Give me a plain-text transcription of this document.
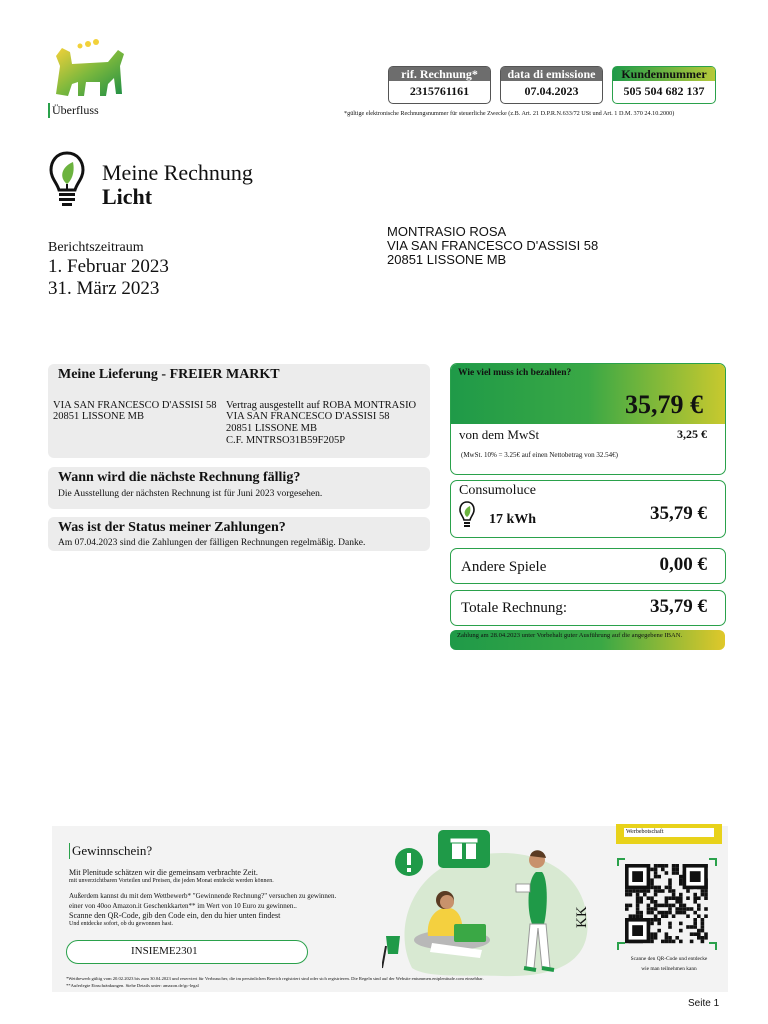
Überfluss
rif. Rechnung*
2315761161
data di emissione
07.04.2023
Kundennummer
505 504 682 137
*gültige elektronische Rechnungsnummer für steuerliche Zwecke (z.B. Art. 21 D.P.R.N.633/72 USt und Art. 1 D.M. 370 24.10.2000)
Meine Rechnung
Licht
Berichtszeitraum
1. Februar 2023
31. März 2023
MONTRASIO ROSA
VIA SAN FRANCESCO D'ASSISI 58
20851 LISSONE MB
Meine Lieferung - FREIER MARKT
VIA SAN FRANCESCO D'ASSISI 58
20851 LISSONE MB
Vertrag ausgestellt auf ROBA MONTRASIO
VIA SAN FRANCESCO D'ASSISI 58
20851 LISSONE MB
C.F. MNTRSO31B59F205P
Wann wird die nächste Rechnung fällig?
Die Ausstellung der nächsten Rechnung ist für Juni 2023 vorgesehen.
Was ist der Status meiner Zahlungen?
Am 07.04.2023 sind die Zahlungen der fälligen Rechnungen regelmäßig. Danke.
Wie viel muss ich bezahlen?
35,79 €
von dem MwSt	3,25 €
(MwSt. 10% = 3.25€ auf einen Nettobetrag von 32.54€)
Consumoluce
17 kWh	35,79 €
Andere Spiele	0,00 €
Totale Rechnung:	35,79 €
Zahlung am 28.04.2023 unter Vorbehalt guter Ausführung auf die angegebene IBAN.
Gewinnschein?
Mit Plenitude schätzen wir die gemeinsam verbrachte Zeit.
mit unverzichtbaren Vorteilen und Preisen, die jeden Monat entdeckt werden können.
Außerdem kannst du mit dem Wettbewerb* "Gewinnende Rechnung?" versuchen zu gewinnen.
einer von 40oo Amazon.it Geschenkkarten** im Wert von 10 Euro zu gewinnen..
Scanne den QR-Code, gib den Code ein, den du hier unten findest
Und entdecke sofort, ob du gewonnen hast.
INSIEME2301
*Wettbewerb gültig vom 20.02.2023 bis zum 30.04.2023 und reserviert für Verbraucher, die im persönlichen Bereich registriert sind oder sich registrieren. Die Regeln sind auf der Website eniummen.eniplenitude.com einsehbar.
**Auferlegte Einschränkungen. Siehe Details unter: amazon.de/gc-legal
KK
Werbebotschaft
Scanne den QR-Code und entdecke
wie man teilnehmen kann
Seite 1
